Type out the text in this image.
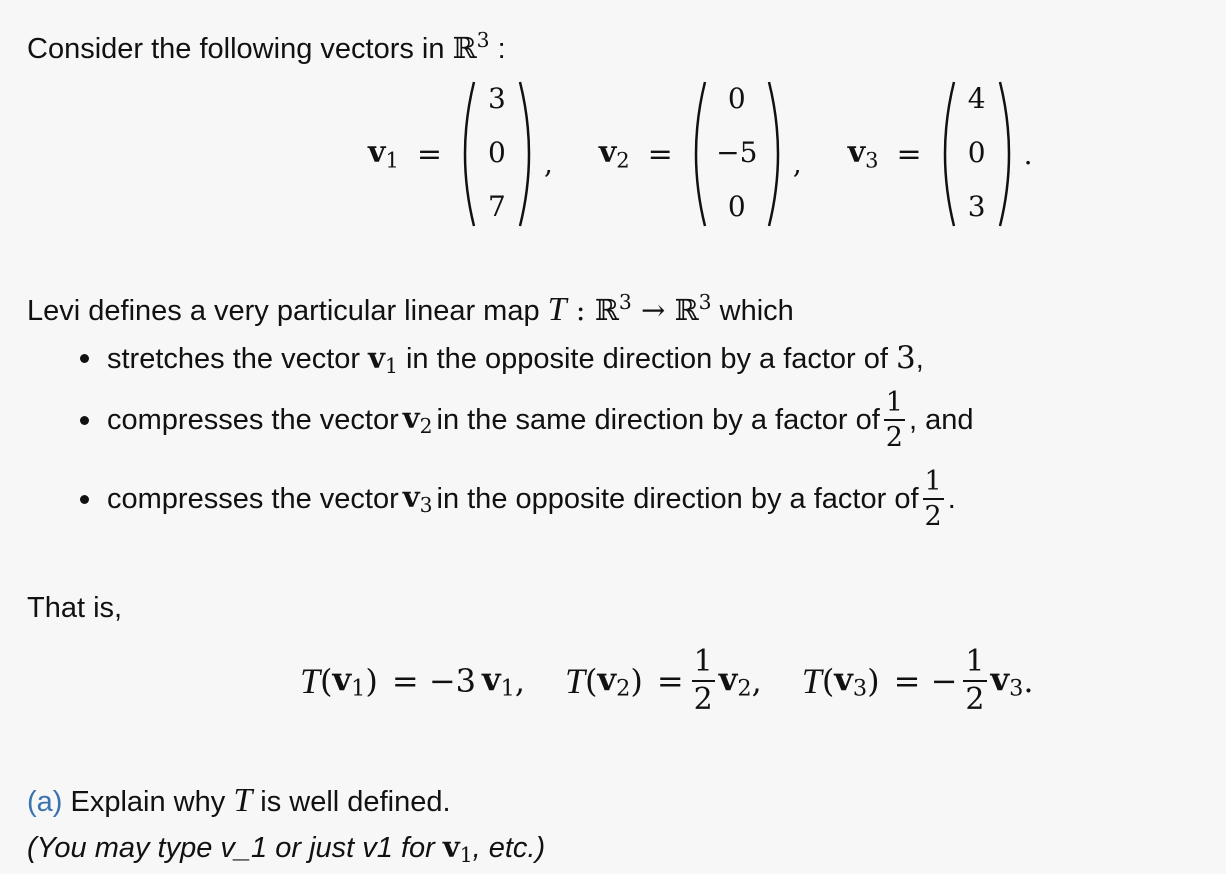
Consider the following vectors in ℝ$^3$ :
$v_1$ =
3
0
7
, $v_2$ =
0
−5
0
, $v_3$ =
4
0
3
.
Levi defines a very particular linear map T : ℝ$^3$ → ℝ$^3$ which
stretches the vector $v_1$ in the opposite direction by a factor of 3,
compresses the vector $v_2$ in the same direction by a factor of $\frac{1}{2}$ , and
compresses the vector $v_3$ in the opposite direction by a factor of $\frac{1}{2}$ .
That is,
T ( $v_1$ ) = −3 $v_1$ , T ( $v_2$ ) = $\frac{1}{2} v_2$ , T ( $v_3$ ) = − $\frac{1}{2} v_3$ .
(a) Explain why T is well defined.
(You may type v_1 or just v1 for $v_1$, etc.)
